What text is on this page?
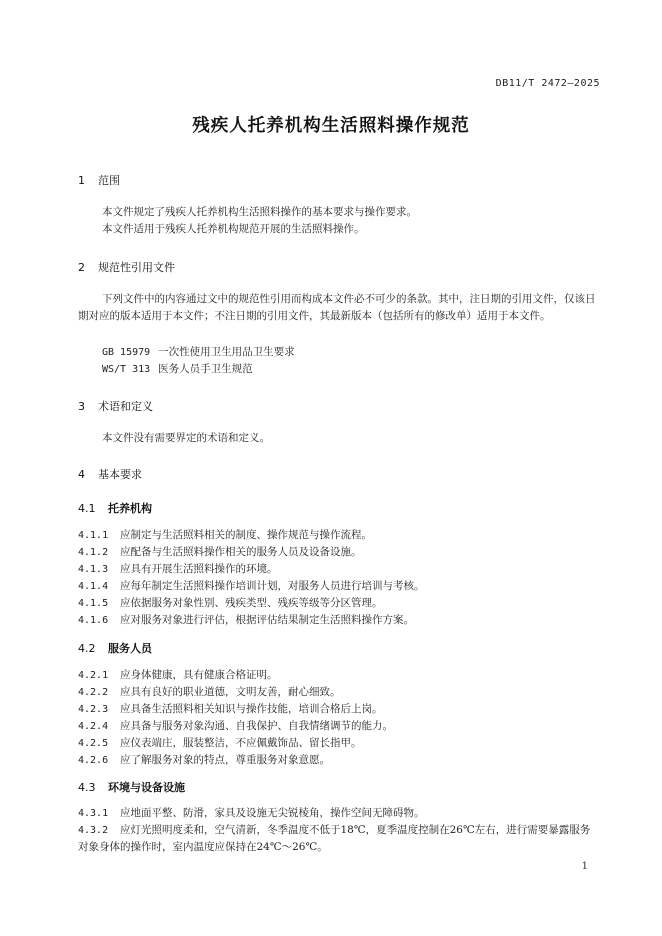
DB11/T 2472—2025
残疾人托养机构生活照料操作规范
1 范围
本文件规定了残疾人托养机构生活照料操作的基本要求与操作要求。
本文件适用于残疾人托养机构规范开展的生活照料操作。
2 规范性引用文件
下列文件中的内容通过文中的规范性引用而构成本文件必不可少的条款。其中，注日期的引用文件，仅该日期对应的版本适用于本文件；不注日期的引用文件，其最新版本（包括所有的修改单）适用于本文件。
GB 15979 一次性使用卫生用品卫生要求
WS/T 313 医务人员手卫生规范
3 术语和定义
本文件没有需要界定的术语和定义。
4 基本要求
4.1 托养机构
4.1.1 应制定与生活照料相关的制度、操作规范与操作流程。
4.1.2 应配备与生活照料操作相关的服务人员及设备设施。
4.1.3 应具有开展生活照料操作的环境。
4.1.4 应每年制定生活照料操作培训计划，对服务人员进行培训与考核。
4.1.5 应依据服务对象性别、残疾类型、残疾等级等分区管理。
4.1.6 应对服务对象进行评估，根据评估结果制定生活照料操作方案。
4.2 服务人员
4.2.1 应身体健康，具有健康合格证明。
4.2.2 应具有良好的职业道德，文明友善，耐心细致。
4.2.3 应具备生活照料相关知识与操作技能，培训合格后上岗。
4.2.4 应具备与服务对象沟通、自我保护、自我情绪调节的能力。
4.2.5 应仪表端庄，服装整洁，不应佩戴饰品、留长指甲。
4.2.6 应了解服务对象的特点，尊重服务对象意愿。
4.3 环境与设备设施
4.3.1 应地面平整、防滑，家具及设施无尖锐棱角，操作空间无障碍物。
4.3.2 应灯光照明度柔和，空气清新，冬季温度不低于18℃，夏季温度控制在26℃左右，进行需要暴露服务对象身体的操作时，室内温度应保持在24℃～26℃。
1
